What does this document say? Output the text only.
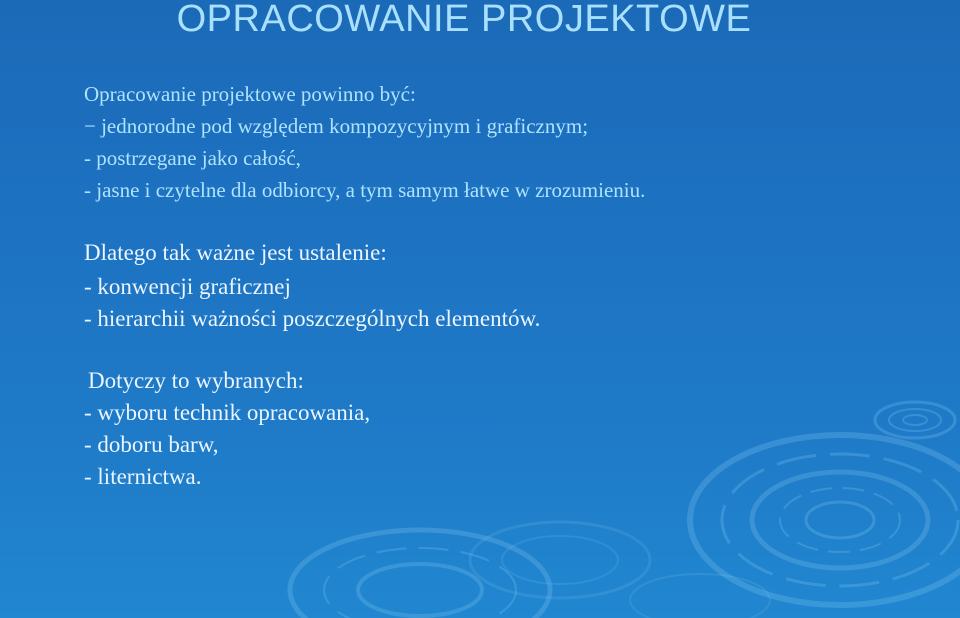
OPRACOWANIE PROJEKTOWE
Opracowanie projektowe powinno być:
− jednorodne pod względem kompozycyjnym i graficznym;
- postrzegane jako całość,
- jasne i czytelne dla odbiorcy, a tym samym łatwe w zrozumieniu.
Dlatego tak ważne jest ustalenie:
- konwencji graficznej
- hierarchii ważności poszczególnych elementów.
Dotyczy to wybranych:
- wyboru technik opracowania,
- doboru barw,
- liternictwa.
